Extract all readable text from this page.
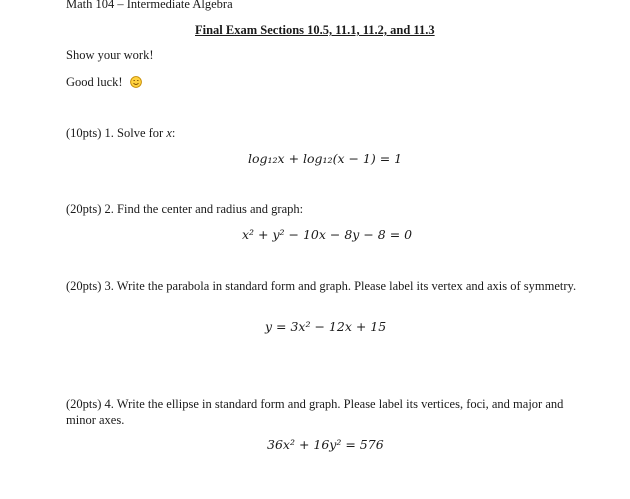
Math 104 – Intermediate Algebra
Final Exam Sections 10.5, 11.1, 11.2, and 11.3
Show your work!
Good luck!
(10pts) 1. Solve for x:
log₁₂x + log₁₂(x − 1) = 1
(20pts) 2. Find the center and radius and graph:
x² + y² − 10x − 8y − 8 = 0
(20pts) 3. Write the parabola in standard form and graph. Please label its vertex and axis of symmetry.
y = 3x² − 12x + 15
(20pts) 4. Write the ellipse in standard form and graph. Please label its vertices, foci, and major and minor axes.
36x² + 16y² = 576
